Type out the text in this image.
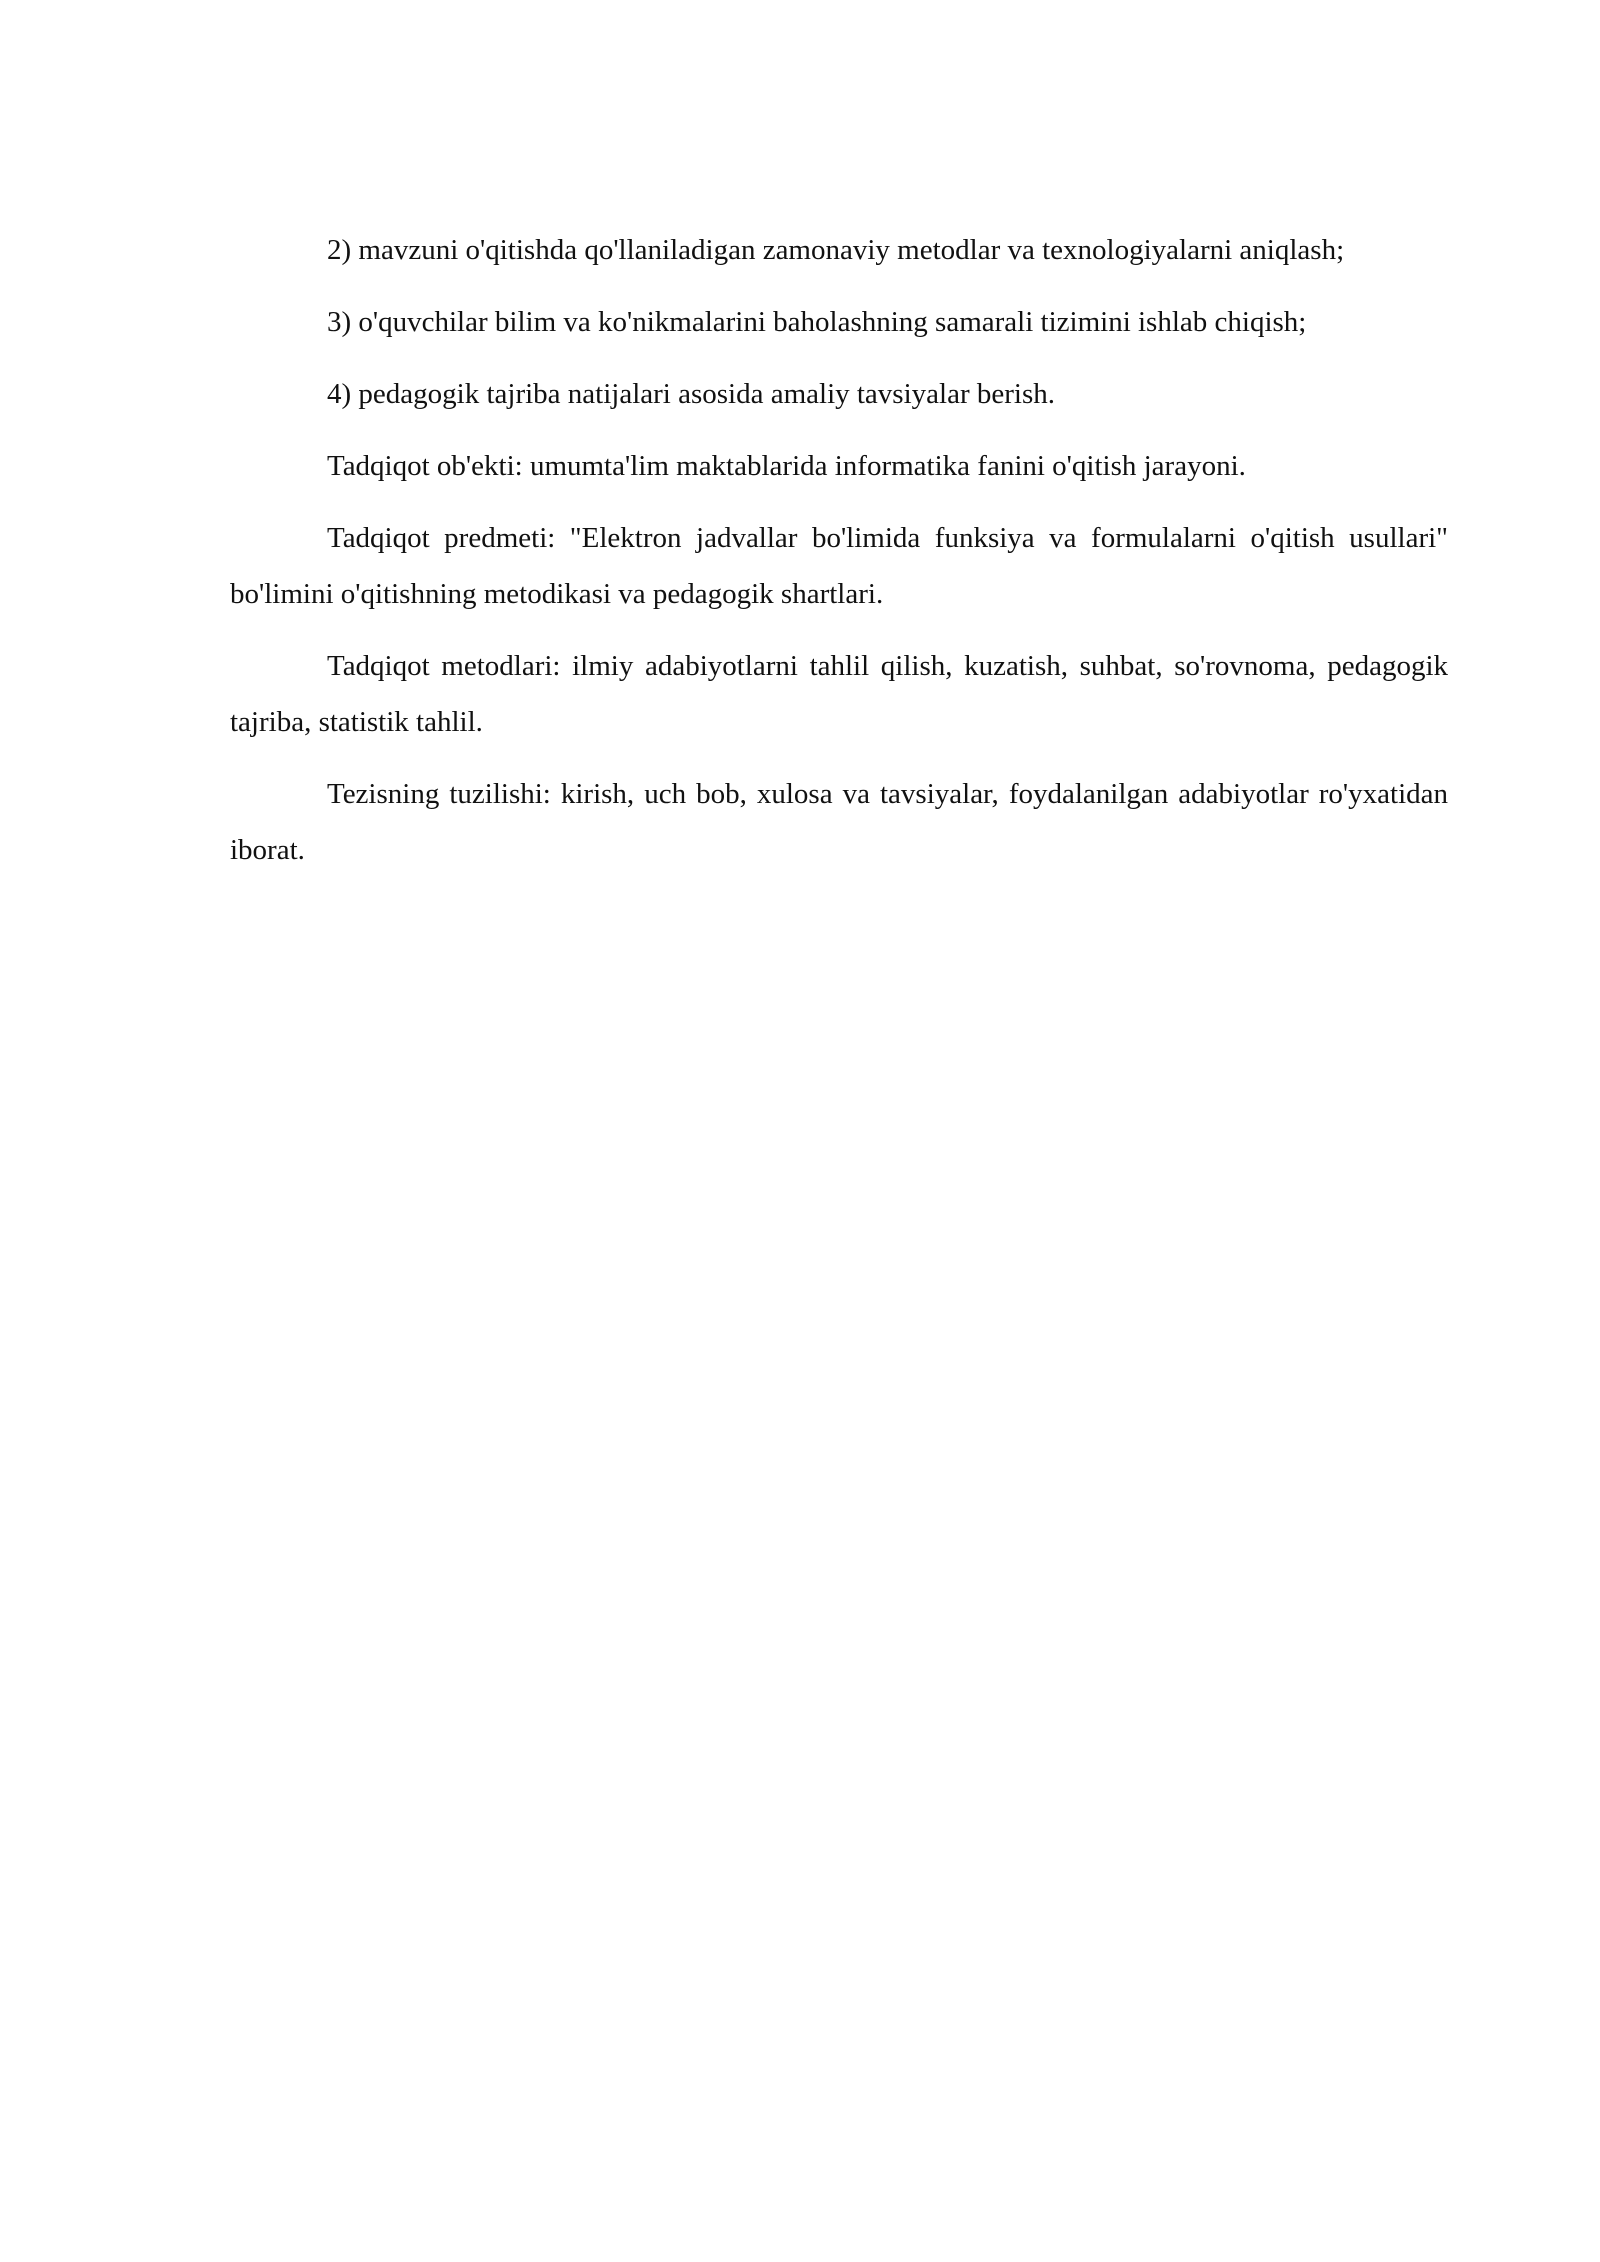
2) mavzuni o'qitishda qo'llaniladigan zamonaviy metodlar va texnologiyalarni aniqlash;

3) o'quvchilar bilim va ko'nikmalarini baholashning samarali tizimini ishlab chiqish;

4) pedagogik tajriba natijalari asosida amaliy tavsiyalar berish.

Tadqiqot ob'ekti: umumta'lim maktablarida informatika fanini o'qitish jarayoni.

Tadqiqot predmeti: "Elektron jadvallar bo'limida funksiya va formulalarni o'qitish usullari" bo'limini o'qitishning metodikasi va pedagogik shartlari.

Tadqiqot metodlari: ilmiy adabiyotlarni tahlil qilish, kuzatish, suhbat, so'rovnoma, pedagogik tajriba, statistik tahlil.

Tezisning tuzilishi: kirish, uch bob, xulosa va tavsiyalar, foydalanilgan adabiyotlar ro'yxatidan iborat.
